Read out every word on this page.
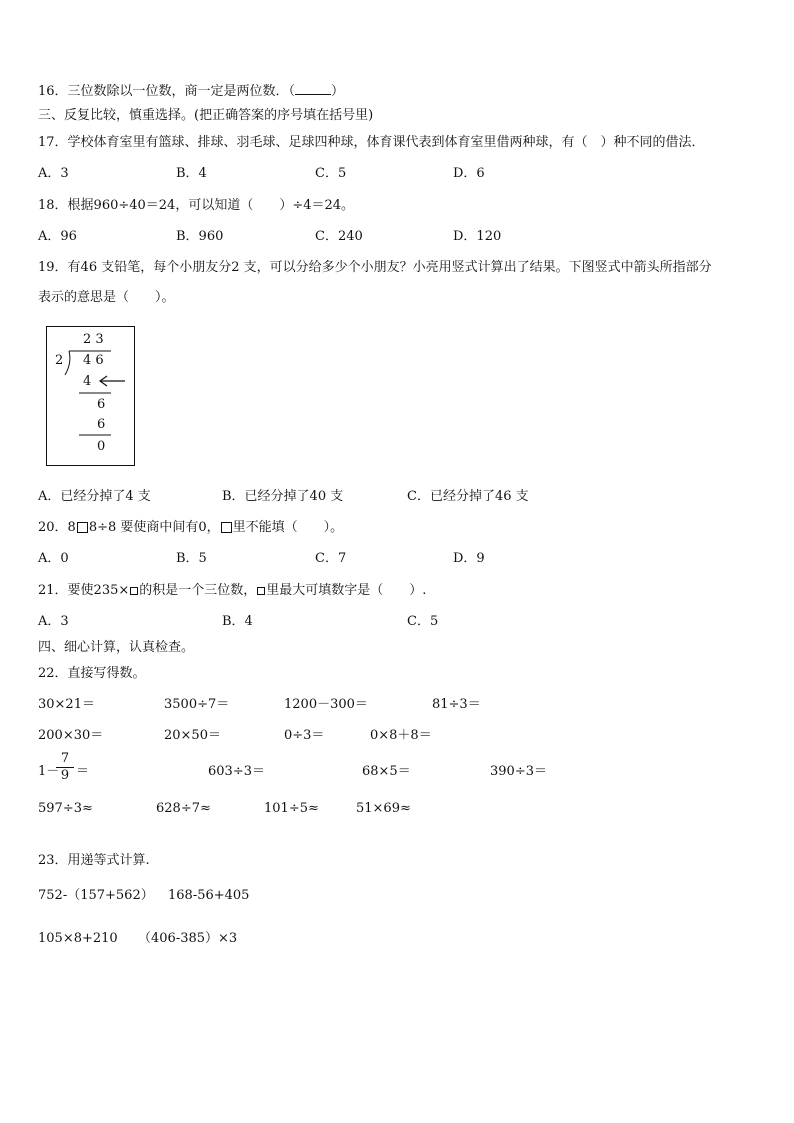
16．三位数除以一位数，商一定是两位数．（	）
三、反复比较，慎重选择。(把正确答案的序号填在括号里)
17．学校体育室里有篮球、排球、羽毛球、足球四种球，体育课代表到体育室里借两种球，有（　）种不同的借法．
A．3	B．4	C．5	D．6
18．根据960÷40＝24，可以知道（　　）÷4＝24。
A．96	B．960	C．240	D．120
19．有46 支铅笔，每个小朋友分2 支，可以分给多少个小朋友？小亮用竖式计算出了结果。下图竖式中箭头所指部分
表示的意思是（　　）。
2 3
2 4 6
4
6
6
0
A．已经分掉了4 支	B．已经分掉了40 支	C．已经分掉了46 支
20．8 8÷8 要使商中间有0， 里不能填（　　）。
A．0	B．5	C．7	D．9
21．要使235× 的积是一个三位数， 里最大可填数字是（　　）.
A．3	B．4	C．5
四、细心计算，认真检查。
22．直接写得数。
30×21＝	3500÷7＝	1200－300＝	81÷3＝
200×30＝	20×50＝	0÷3＝	0×8＋8＝
1－
7
9 ＝	603÷3＝	68×5＝	390÷3＝
597÷3≈	628÷7≈	101÷5≈	51×69≈
23．用递等式计算.
752-（157+562） 168-56+405
105×8+210 （406-385）×3
